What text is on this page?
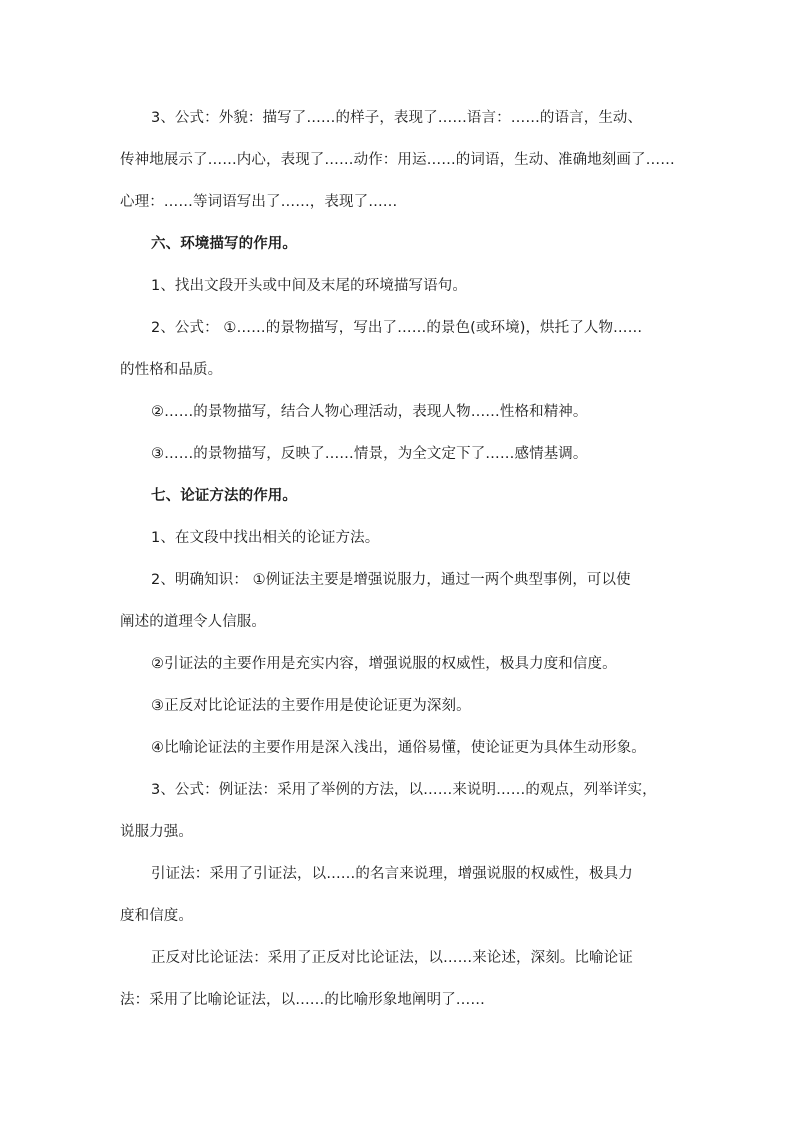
3、公式：外貌：描写了……的样子，表现了……语言：……的语言，生动、
传神地展示了……内心，表现了……动作：用运……的词语，生动、准确地刻画了……
心理：……等词语写出了……，表现了……
六、环境描写的作用。
1、找出文段开头或中间及末尾的环境描写语句。
2、公式： ①……的景物描写，写出了……的景色(或环境)，烘托了人物……
的性格和品质。
②……的景物描写，结合人物心理活动，表现人物……性格和精神。
③……的景物描写，反映了……情景，为全文定下了……感情基调。
七、论证方法的作用。
1、在文段中找出相关的论证方法。
2、明确知识： ①例证法主要是增强说服力，通过一两个典型事例，可以使
阐述的道理令人信服。
②引证法的主要作用是充实内容，增强说服的权威性，极具力度和信度。
③正反对比论证法的主要作用是使论证更为深刻。
④比喻论证法的主要作用是深入浅出，通俗易懂，使论证更为具体生动形象。
3、公式：例证法：采用了举例的方法，以……来说明……的观点，列举详实，
说服力强。
引证法：采用了引证法，以……的名言来说理，增强说服的权威性，极具力
度和信度。
正反对比论证法：采用了正反对比论证法，以……来论述，深刻。比喻论证
法：采用了比喻论证法，以……的比喻形象地阐明了……
